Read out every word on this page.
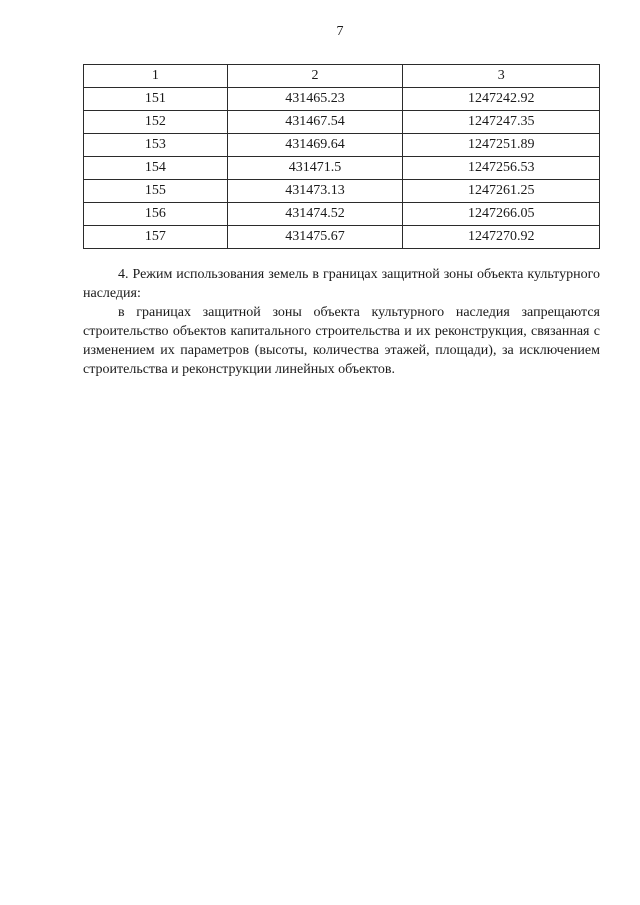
7
1	2	3
151	431465.23	1247242.92
152	431467.54	1247247.35
153	431469.64	1247251.89
154	431471.5	1247256.53
155	431473.13	1247261.25
156	431474.52	1247266.05
157	431475.67	1247270.92

4. Режим использования земель в границах защитной зоны объекта культурного наследия:

в границах защитной зоны объекта культурного наследия запрещаются строительство объектов капитального строительства и их реконструкция, связанная с изменением их параметров (высоты, количества этажей, площади), за исключением строительства и реконструкции линейных объектов.
